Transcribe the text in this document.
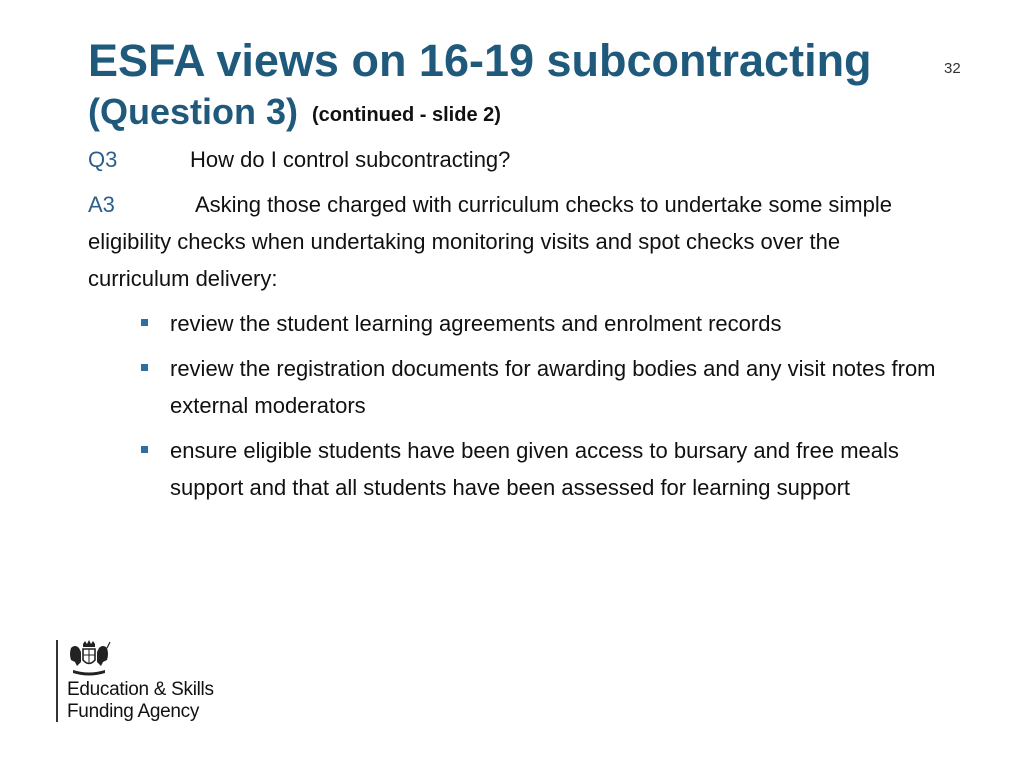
ESFA views on 16-19 subcontracting
(Question 3) (continued - slide 2)
32
Q3	How do I control subcontracting?
A3	Asking those charged with curriculum checks to undertake some simple eligibility checks when undertaking monitoring visits and spot checks over the curriculum delivery:
review the student learning agreements and enrolment records
review the registration documents for awarding bodies and any visit notes from external moderators
ensure eligible students have been given access to bursary and free meals support and that all students have been assessed for learning support
Education & Skills
Funding Agency
